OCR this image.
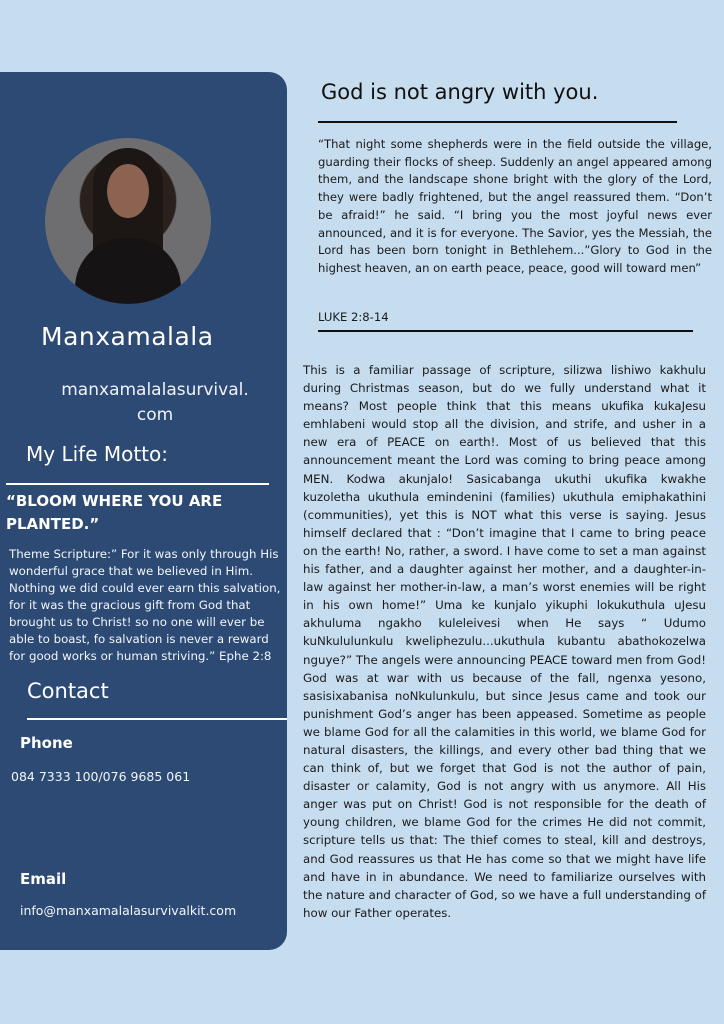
Manxamalala
manxamalalasurvival.
com
My Life Motto:
“BLOOM WHERE YOU ARE PLANTED.”
Theme Scripture:” For it was only through His wonderful grace that we believed in Him. Nothing we did could ever earn this salvation, for it was the gracious gift from God that brought us to Christ! so no one will ever be able to boast, fo salvation is never a reward for good works or human striving.” Ephe 2:8
Contact
Phone
084 7333 100/076 9685 061
Email
info@manxamalalasurvivalkit.com
God is not angry with you.
“That night some shepherds were in the field outside the village, guarding their flocks of sheep. Suddenly an angel appeared among them, and the landscape shone bright with the glory of the Lord, they were badly frightened, but the angel reassured them. “Don’t be afraid!” he said. “I bring you the most joyful news ever announced, and it is for everyone. The Savior, yes the Messiah, the Lord has been born tonight in Bethlehem...”Glory to God in the highest heaven, an on earth peace, peace, good will toward men”
LUKE 2:8-14
This is a familiar passage of scripture, silizwa lishiwo kakhulu during Christmas season, but do we fully understand what it means? Most people think that this means ukufika kukaJesu emhlabeni would stop all the division, and strife, and usher in a new era of PEACE on earth!. Most of us believed that this announcement meant the Lord was coming to bring peace among MEN. Kodwa akunjalo! Sasicabanga ukuthi ukufika kwakhe kuzoletha ukuthula emindenini (families) ukuthula emiphakathini (communities), yet this is NOT what this verse is saying. Jesus himself declared that : “Don’t imagine that I came to bring peace on the earth! No, rather, a sword. I have come to set a man against his father, and a daughter against her mother, and a daughter-in-law against her mother-in-law, a man’s worst enemies will be right in his own home!” Uma ke kunjalo yikuphi lokukuthula uJesu akhuluma ngakho kuleleivesi when He says “ Udumo kuNkululunkulu kweliphezulu...ukuthula kubantu abathokozelwa nguye?” The angels were announcing PEACE toward men from God! God was at war with us because of the fall, ngenxa yesono, sasisixabanisa noNkulunkulu, but since Jesus came and took our punishment God’s anger has been appeased. Sometime as people we blame God for all the calamities in this world, we blame God for natural disasters, the killings, and every other bad thing that we can think of, but we forget that God is not the author of pain, disaster or calamity, God is not angry with us anymore. All His anger was put on Christ! God is not responsible for the death of young children, we blame God for the crimes He did not commit, scripture tells us that: The thief comes to steal, kill and destroys, and God reassures us that He has come so that we might have life and have in in abundance. We need to familiarize ourselves with the nature and character of God, so we have a full understanding of how our Father operates.
